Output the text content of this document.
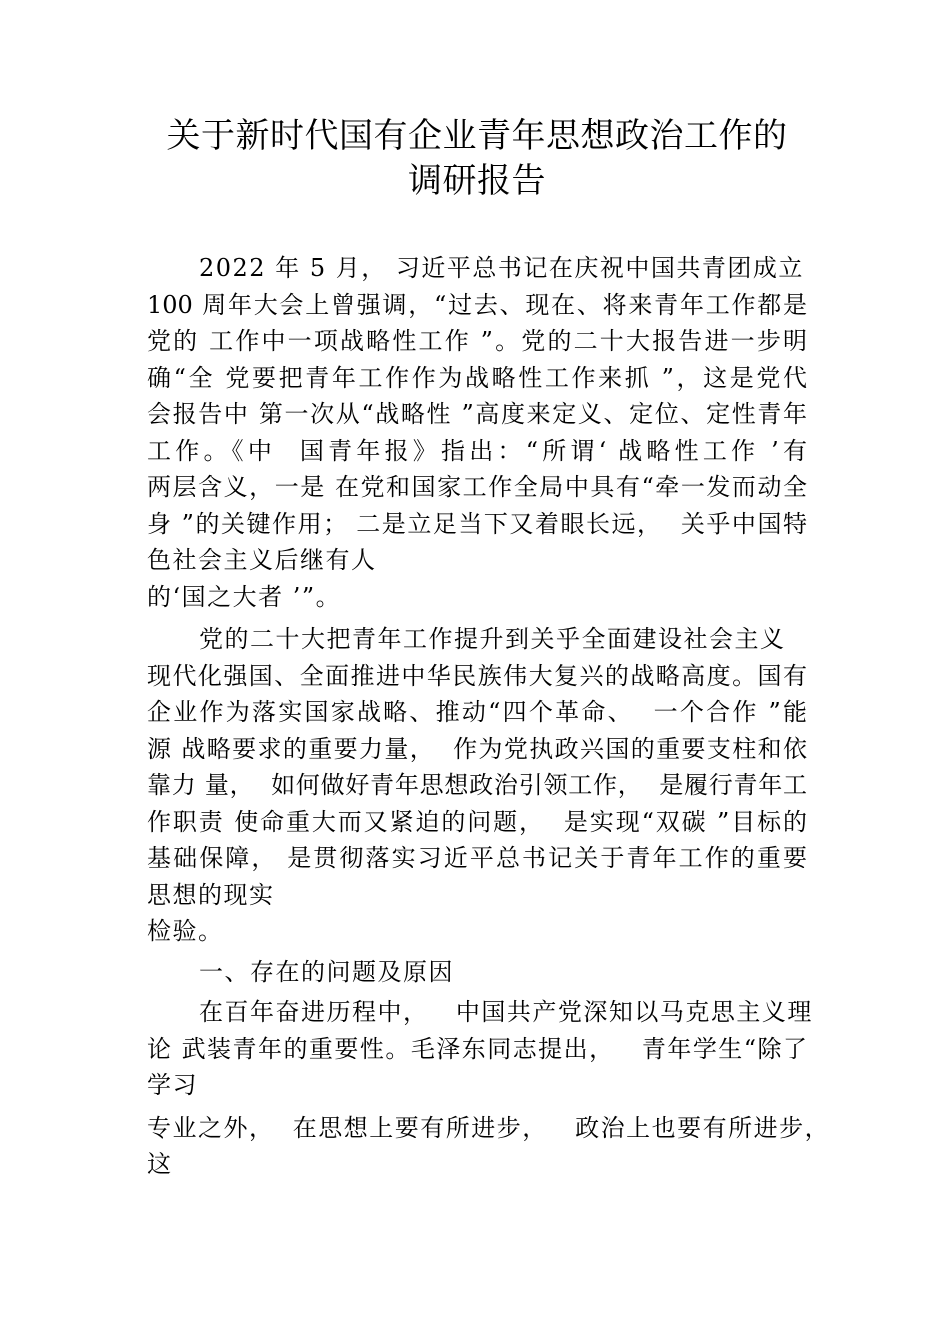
关于新时代国有企业青年思想政治工作的
调研报告
2022 年 5 月， 习近平总书记在庆祝中国共青团成立
100 周年大会上曾强调，“过去、现在、将来青年工作都是
党的 工作中一项战略性工作 ”。党的二十大报告进一步明
确“全 党要把青年工作作为战略性工作来抓 ”，这是党代
会报告中 第一次从“战略性 ”高度来定义、定位、定性青年
工作。《中  国青年报》指出：“所谓‘ 战略性工作 ’有
两层含义，一是 在党和国家工作全局中具有“牵一发而动全
身 ”的关键作用； 二是立足当下又着眼长远，  关乎中国特
色社会主义后继有人
的‘国之大者 ’”。
党的二十大把青年工作提升到关乎全面建设社会主义
现代化强国、全面推进中华民族伟大复兴的战略高度。国有
企业作为落实国家战略、推动“四个革命、  一个合作 ”能
源 战略要求的重要力量，  作为党执政兴国的重要支柱和依
靠力 量，  如何做好青年思想政治引领工作，  是履行青年工
作职责 使命重大而又紧迫的问题，  是实现“双碳 ”目标的
基础保障， 是贯彻落实习近平总书记关于青年工作的重要
思想的现实
检验。
一、存在的问题及原因
在百年奋进历程中，   中国共产党深知以马克思主义理
论 武装青年的重要性。毛泽东同志提出，   青年学生“除了
学习
专业之外，  在思想上要有所进步，   政治上也要有所进步，
这
